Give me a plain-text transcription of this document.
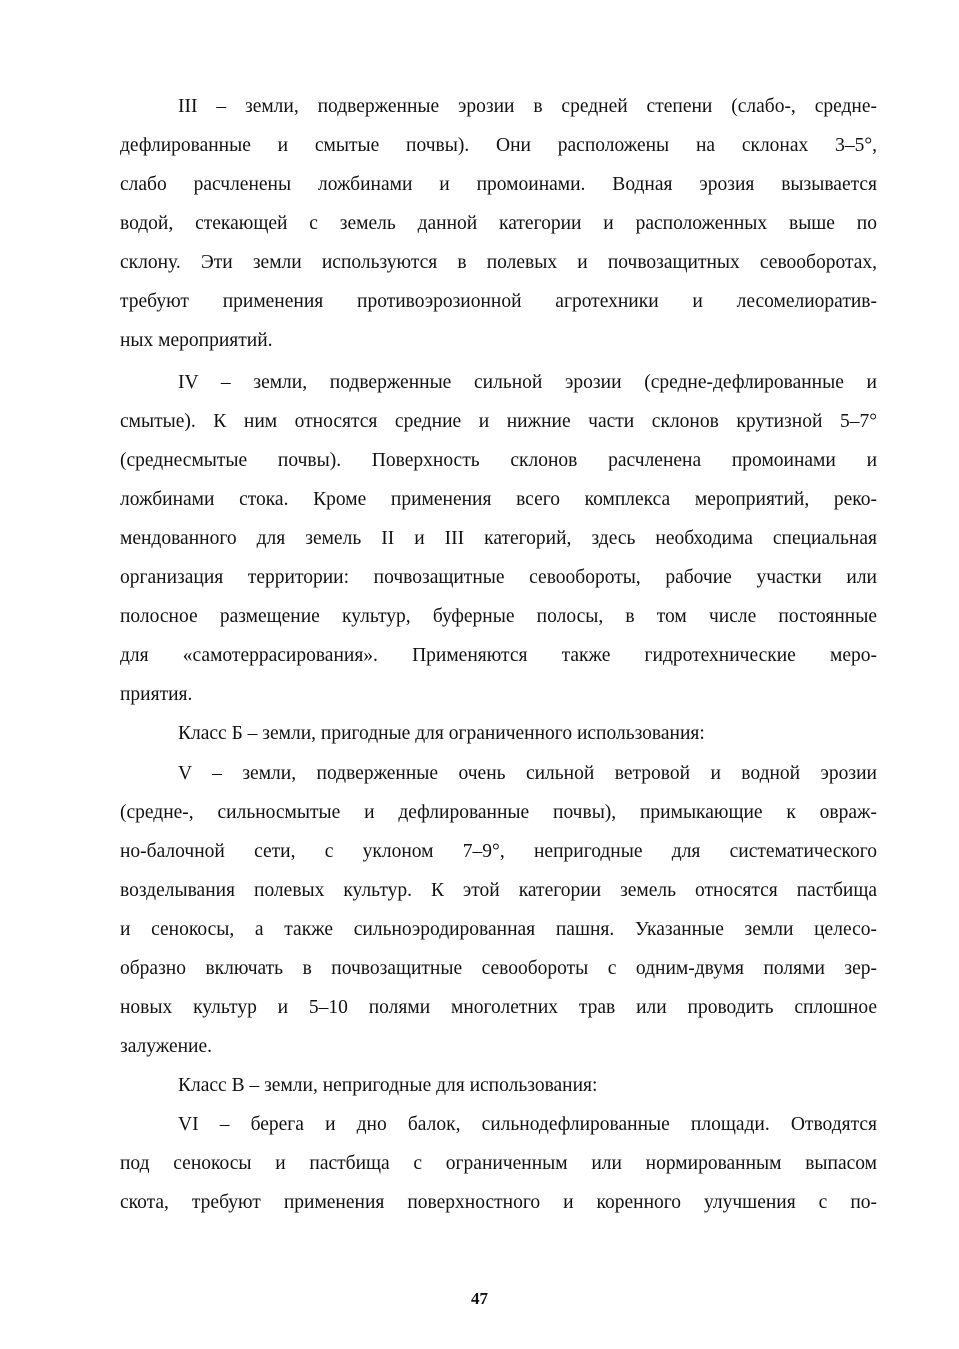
III – земли, подверженные эрозии в средней степени (слабо-, средне-
дефлированные и смытые почвы). Они расположены на склонах 3–5°,
слабо расчленены ложбинами и промоинами. Водная эрозия вызывается
водой, стекающей с земель данной категории и расположенных выше по
склону. Эти земли используются в полевых и почвозащитных севооборотах,
требуют применения противоэрозионной агротехники и лесомелиоратив-
ных мероприятий.
IV – земли, подверженные сильной эрозии (средне-дефлированные и
смытые). К ним относятся средние и нижние части склонов крутизной 5–7°
(среднесмытые почвы). Поверхность склонов расчленена промоинами и
ложбинами стока. Кроме применения всего комплекса мероприятий, реко-
мендованного для земель II и III категорий, здесь необходима специальная
организация территории: почвозащитные севообороты, рабочие участки или
полосное размещение культур, буферные полосы, в том числе постоянные
для «самотеррасирования». Применяются также гидротехнические меро-
приятия.
Класс Б – земли, пригодные для ограниченного использования:
V – земли, подверженные очень сильной ветровой и водной эрозии
(средне-, сильносмытые и дефлированные почвы), примыкающие к овраж-
но-балочной сети, с уклоном 7–9°, непригодные для систематического
возделывания полевых культур. К этой категории земель относятся пастбища
и сенокосы, а также сильноэродированная пашня. Указанные земли целесо-
образно включать в почвозащитные севообороты с одним-двумя полями зер-
новых культур и 5–10 полями многолетних трав или проводить сплошное
залужение.
Класс В – земли, непригодные для использования:
VI – берега и дно балок, сильнодефлированные площади. Отводятся
под сенокосы и пастбища с ограниченным или нормированным выпасом
скота, требуют применения поверхностного и коренного улучшения с по-
47
